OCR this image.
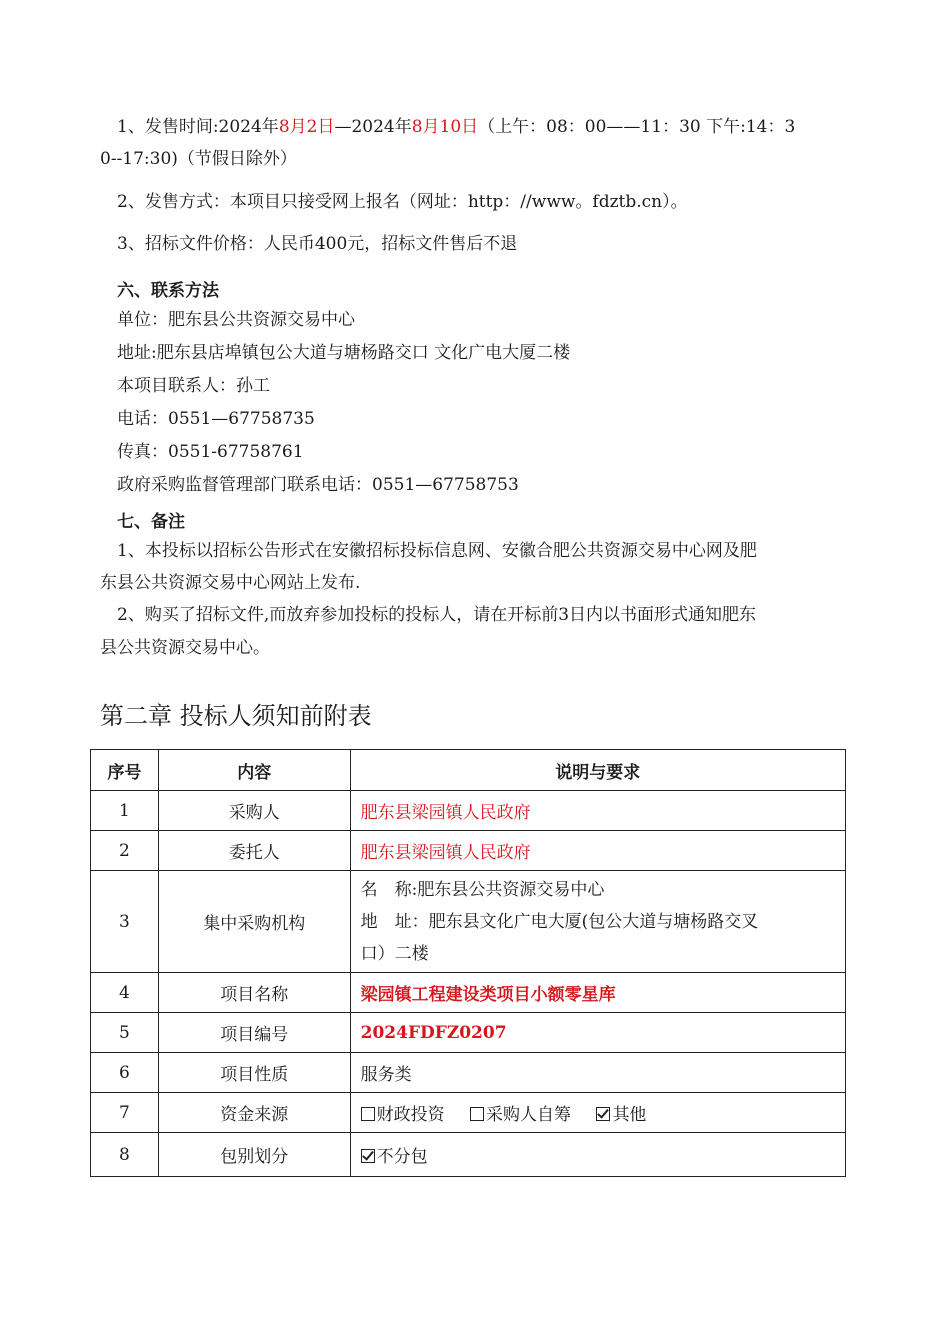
1、发售时间:2024年8月2日—2024年8月10日（上午：08：00——11：30 下午:14：3
0--17:30)（节假日除外）
2、发售方式：本项目只接受网上报名（网址：http：//www。fdztb.cn）。
3、招标文件价格：人民币400元，招标文件售后不退
六、联系方法
单位：肥东县公共资源交易中心
地址:肥东县店埠镇包公大道与塘杨路交口 文化广电大厦二楼
本项目联系人：孙工
电话：0551—67758735
传真：0551-67758761
政府采购监督管理部门联系电话：0551—67758753
七、备注
1、本投标以招标公告形式在安徽招标投标信息网、安徽合肥公共资源交易中心网及肥
东县公共资源交易中心网站上发布.
2、购买了招标文件,而放弃参加投标的投标人，请在开标前3日内以书面形式通知肥东
县公共资源交易中心。
第二章 投标人须知前附表
序号	内容	说明与要求
1	采购人	肥东县梁园镇人民政府
2	委托人	肥东县梁园镇人民政府
3	集中采购机构	名　称:肥东县公共资源交易中心
地　址：肥东县文化广电大厦(包公大道与塘杨路交叉
口）二楼

4	项目名称	梁园镇工程建设类项目小额零星库
5	项目编号	2024FDFZ0207
6	项目性质	服务类
7	资金来源	财政投资 采购人自筹 其他
8	包别划分	不分包
